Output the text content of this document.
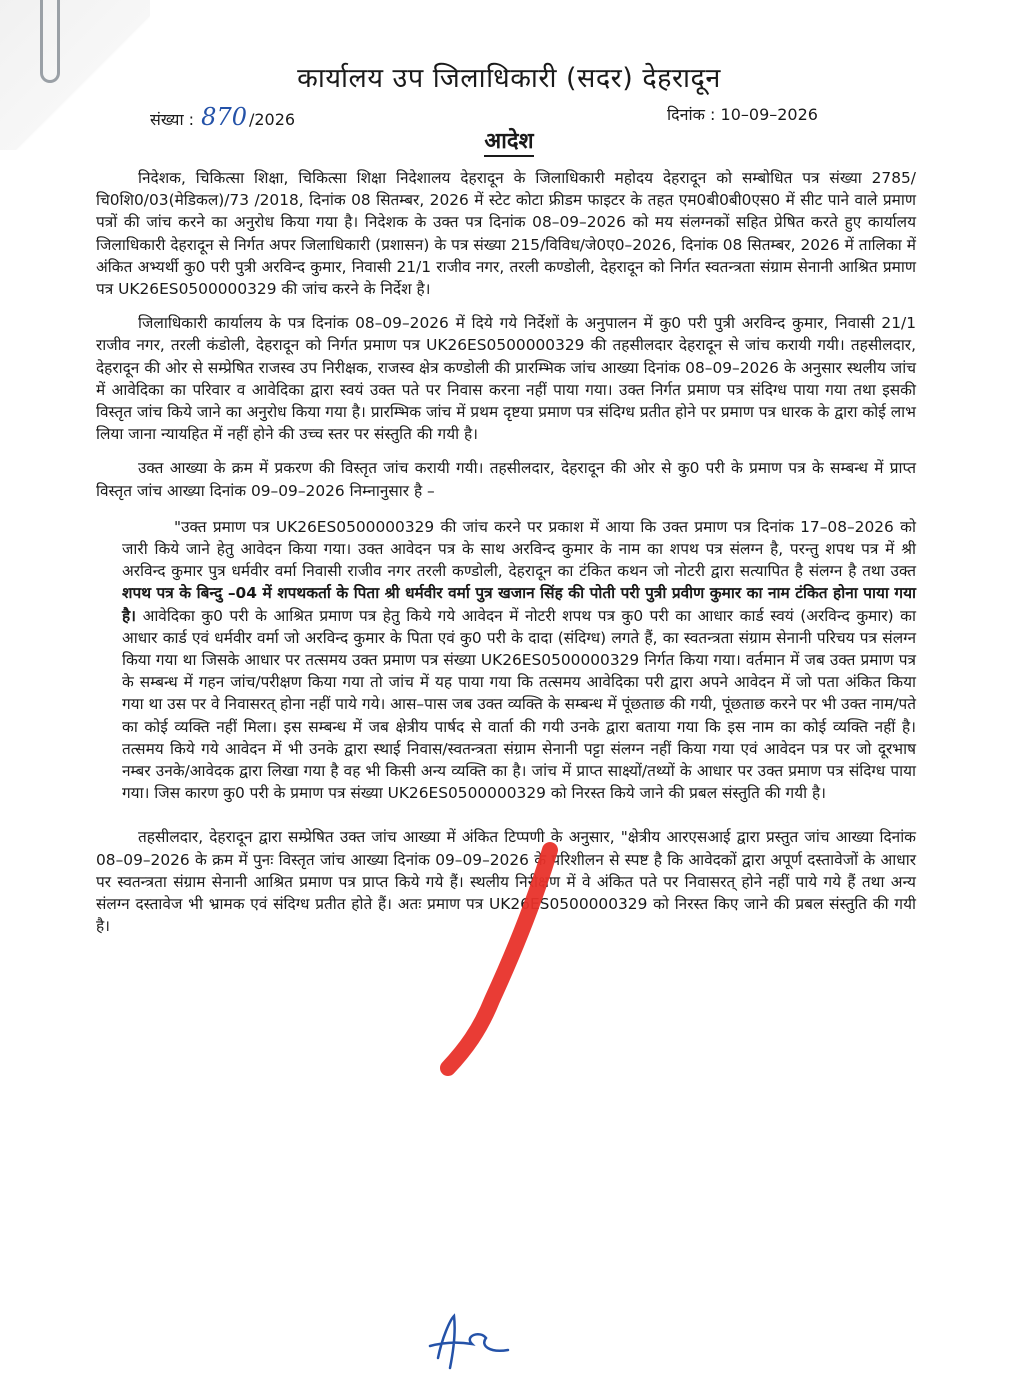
कार्यालय उप जिलाधिकारी (सदर) देहरादून
संख्या : 870 /2026	दिनांक : 10–09–2026
आदेश

निदेशक, चिकित्सा शिक्षा, चिकित्सा शिक्षा निदेशालय देहरादून के जिलाधिकारी महोदय देहरादून को सम्बोधित पत्र संख्या 2785/चि0शि0/03(मेडिकल)/73 /2018, दिनांक 08 सितम्बर, 2026 में स्टेट कोटा फ्रीडम फाइटर के तहत एम0बी0बी0एस0 में सीट पाने वाले प्रमाण पत्रों की जांच करने का अनुरोध किया गया है। निदेशक के उक्त पत्र दिनांक 08–09–2026 को मय संलग्नकों सहित प्रेषित करते हुए कार्यालय जिलाधिकारी देहरादून से निर्गत अपर जिलाधिकारी (प्रशासन) के पत्र संख्या 215/विविध/जे0ए0–2026, दिनांक 08 सितम्बर, 2026 में तालिका में अंकित अभ्यर्थी कु0 परी पुत्री अरविन्द कुमार, निवासी 21/1 राजीव नगर, तरली कण्डोली, देहरादून को निर्गत स्वतन्त्रता संग्राम सेनानी आश्रित प्रमाण पत्र UK26ES0500000329 की जांच करने के निर्देश है।

जिलाधिकारी कार्यालय के पत्र दिनांक 08–09–2026 में दिये गये निर्देशों के अनुपालन में कु0 परी पुत्री अरविन्द कुमार, निवासी 21/1 राजीव नगर, तरली कंडोली, देहरादून को निर्गत प्रमाण पत्र UK26ES0500000329 की तहसीलदार देहरादून से जांच करायी गयी। तहसीलदार, देहरादून की ओर से सम्प्रेषित राजस्व उप निरीक्षक, राजस्व क्षेत्र कण्डोली की प्रारम्भिक जांच आख्या दिनांक 08–09–2026 के अनुसार स्थलीय जांच में आवेदिका का परिवार व आवेदिका द्वारा स्वयं उक्त पते पर निवास करना नहीं पाया गया। उक्त निर्गत प्रमाण पत्र संदिग्ध पाया गया तथा इसकी विस्तृत जांच किये जाने का अनुरोध किया गया है। प्रारम्भिक जांच में प्रथम दृष्टया प्रमाण पत्र संदिग्ध प्रतीत होने पर प्रमाण पत्र धारक के द्वारा कोई लाभ लिया जाना न्यायहित में नहीं होने की उच्च स्तर पर संस्तुति की गयी है।

उक्त आख्या के क्रम में प्रकरण की विस्तृत जांच करायी गयी। तहसीलदार, देहरादून की ओर से कु0 परी के प्रमाण पत्र के सम्बन्ध में प्राप्त विस्तृत जांच आख्या दिनांक 09–09–2026 निम्नानुसार है –

"उक्त प्रमाण पत्र UK26ES0500000329 की जांच करने पर प्रकाश में आया कि उक्त प्रमाण पत्र दिनांक 17–08–2026 को जारी किये जाने हेतु आवेदन किया गया। उक्त आवेदन पत्र के साथ अरविन्द कुमार के नाम का शपथ पत्र संलग्न है, परन्तु शपथ पत्र में श्री अरविन्द कुमार पुत्र धर्मवीर वर्मा निवासी राजीव नगर तरली कण्डोली, देहरादून का टंकित कथन जो नोटरी द्वारा सत्यापित है संलग्न है तथा उक्त शपथ पत्र के बिन्दु –04 में शपथकर्ता के पिता श्री धर्मवीर वर्मा पुत्र खजान सिंह की पोती परी पुत्री प्रवीण कुमार का नाम टंकित होना पाया गया है। आवेदिका कु0 परी के आश्रित प्रमाण पत्र हेतु किये गये आवेदन में नोटरी शपथ पत्र कु0 परी का आधार कार्ड स्वयं (अरविन्द कुमार) का आधार कार्ड एवं धर्मवीर वर्मा जो अरविन्द कुमार के पिता एवं कु0 परी के दादा (संदिग्ध) लगते हैं, का स्वतन्त्रता संग्राम सेनानी परिचय पत्र संलग्न किया गया था जिसके आधार पर तत्समय उक्त प्रमाण पत्र संख्या UK26ES0500000329 निर्गत किया गया। वर्तमान में जब उक्त प्रमाण पत्र के सम्बन्ध में गहन जांच/परीक्षण किया गया तो जांच में यह पाया गया कि तत्समय आवेदिका परी द्वारा अपने आवेदन में जो पता अंकित किया गया था उस पर वे निवासरत् होना नहीं पाये गये। आस–पास जब उक्त व्यक्ति के सम्बन्ध में पूंछताछ की गयी, पूंछताछ करने पर भी उक्त नाम/पते का कोई व्यक्ति नहीं मिला। इस सम्बन्ध में जब क्षेत्रीय पार्षद से वार्ता की गयी उनके द्वारा बताया गया कि इस नाम का कोई व्यक्ति नहीं है। तत्समय किये गये आवेदन में भी उनके द्वारा स्थाई निवास/स्वतन्त्रता संग्राम सेनानी पट्टा संलग्न नहीं किया गया एवं आवेदन पत्र पर जो दूरभाष नम्बर उनके/आवेदक द्वारा लिखा गया है वह भी किसी अन्य व्यक्ति का है। जांच में प्राप्त साक्ष्यों/तथ्यों के आधार पर उक्त प्रमाण पत्र संदिग्ध पाया गया। जिस कारण कु0 परी के प्रमाण पत्र संख्या UK26ES0500000329 को निरस्त किये जाने की प्रबल संस्तुति की गयी है।

तहसीलदार, देहरादून द्वारा सम्प्रेषित उक्त जांच आख्या में अंकित टिप्पणी के अनुसार, "क्षेत्रीय आरएसआई द्वारा प्रस्तुत जांच आख्या दिनांक 08–09–2026 के क्रम में पुनः विस्तृत जांच आख्या दिनांक 09–09–2026 के परिशीलन से स्पष्ट है कि आवेदकों द्वारा अपूर्ण दस्तावेजों के आधार पर स्वतन्त्रता संग्राम सेनानी आश्रित प्रमाण पत्र प्राप्त किये गये हैं। स्थलीय निरीक्षण में वे अंकित पते पर निवासरत् होने नहीं पाये गये हैं तथा अन्य संलग्न दस्तावेज भी भ्रामक एवं संदिग्ध प्रतीत होते हैं। अतः प्रमाण पत्र UK26ES0500000329 को निरस्त किए जाने की प्रबल संस्तुति की गयी है।
